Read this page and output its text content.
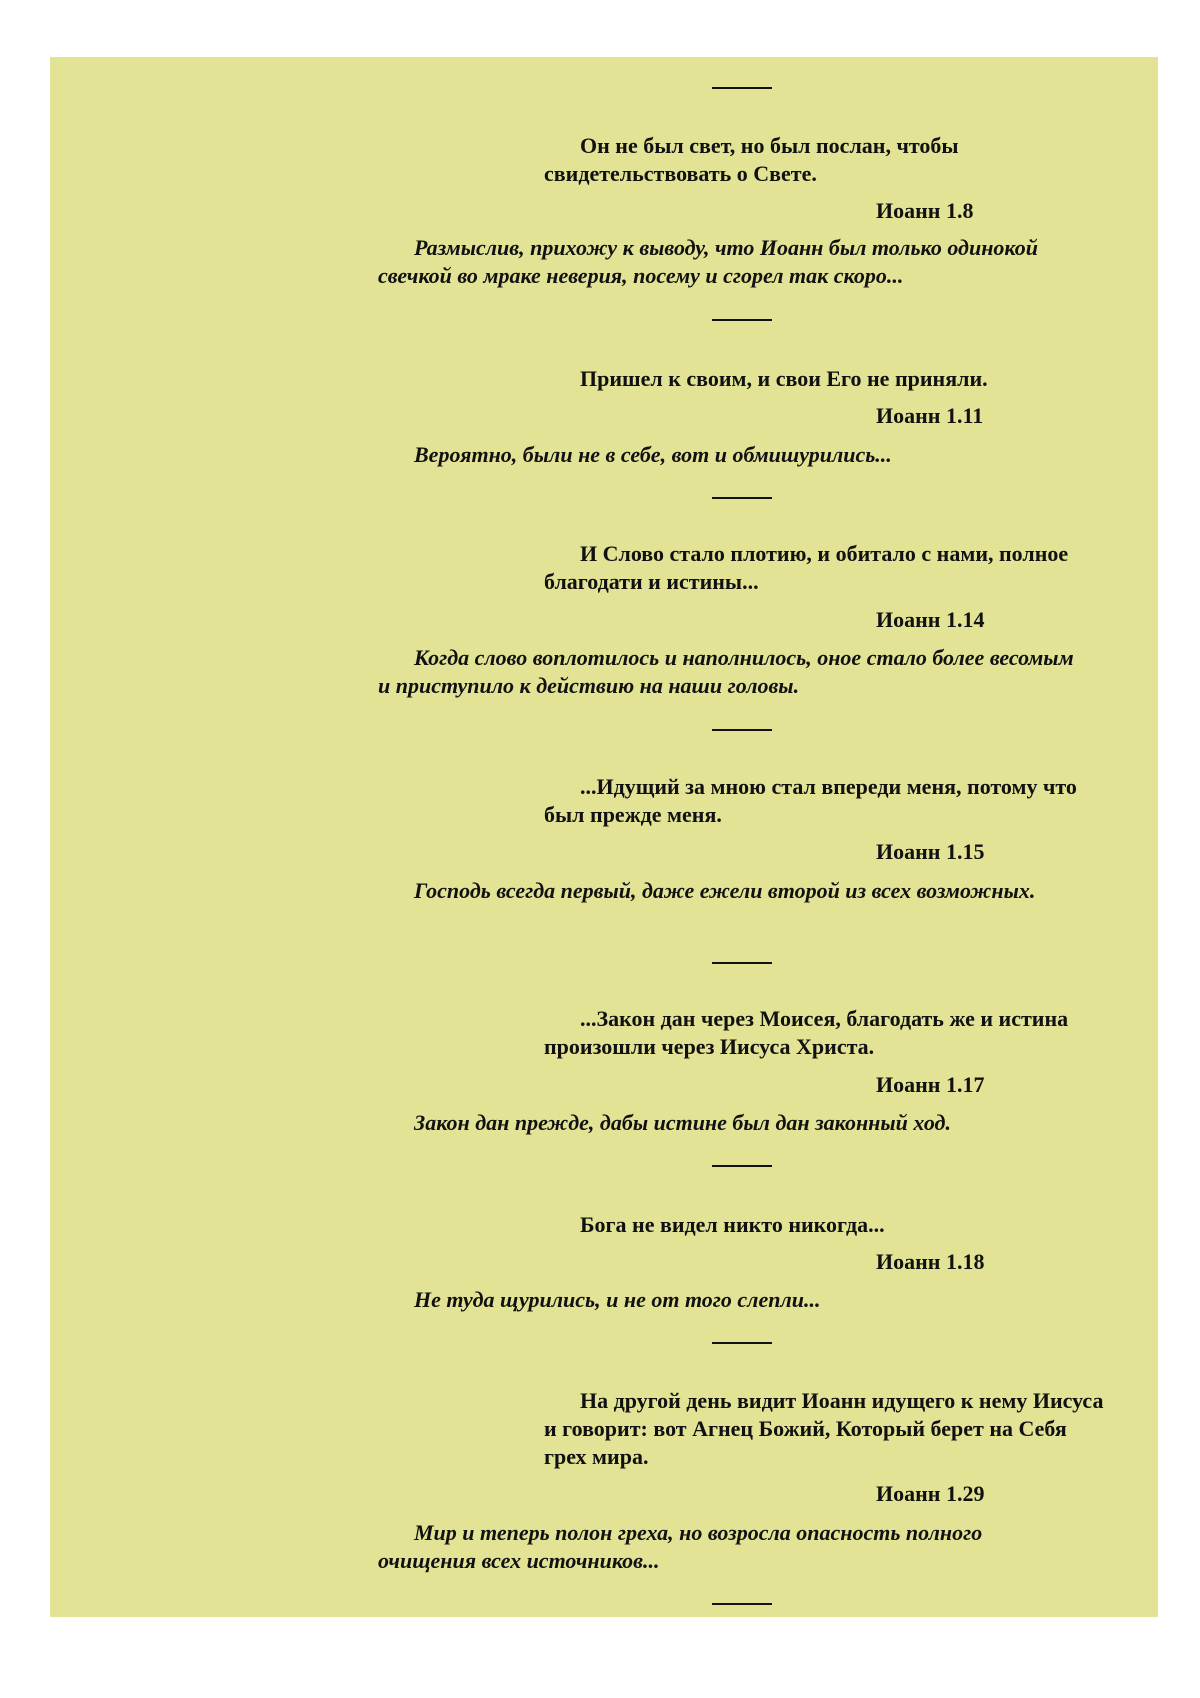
Он не был свет, но был послан, чтобы свидетельствовать о Свете.

Иоанн 1.8

Размыслив, прихожу к выводу, что Иоанн был только одинокой свечкой во мраке неверия, посему и сгорел так скоро...

Пришел к своим, и свои Его не приняли.

Иоанн 1.11

Вероятно, были не в себе, вот и обмишурились...

И Слово стало плотию, и обитало с нами, полное благодати и истины...

Иоанн 1.14

Когда слово воплотилось и наполнилось, оное стало более весомым и приступило к действию на наши головы.

...Идущий за мною стал впереди меня, потому что был прежде меня.

Иоанн 1.15

Господь всегда первый, даже ежели второй из всех возможных.

...Закон дан через Моисея, благодать же и истина произошли через Иисуса Христа.

Иоанн 1.17

Закон дан прежде, дабы истине был дан законный ход.

Бога не видел никто никогда...

Иоанн 1.18

Не туда щурились, и не от того слепли...

На другой день видит Иоанн идущего к нему Иисуса и говорит: вот Агнец Божий, Который берет на Себя грех мира.

Иоанн 1.29

Мир и теперь полон греха, но возросла опасность полного очищения всех источников...
